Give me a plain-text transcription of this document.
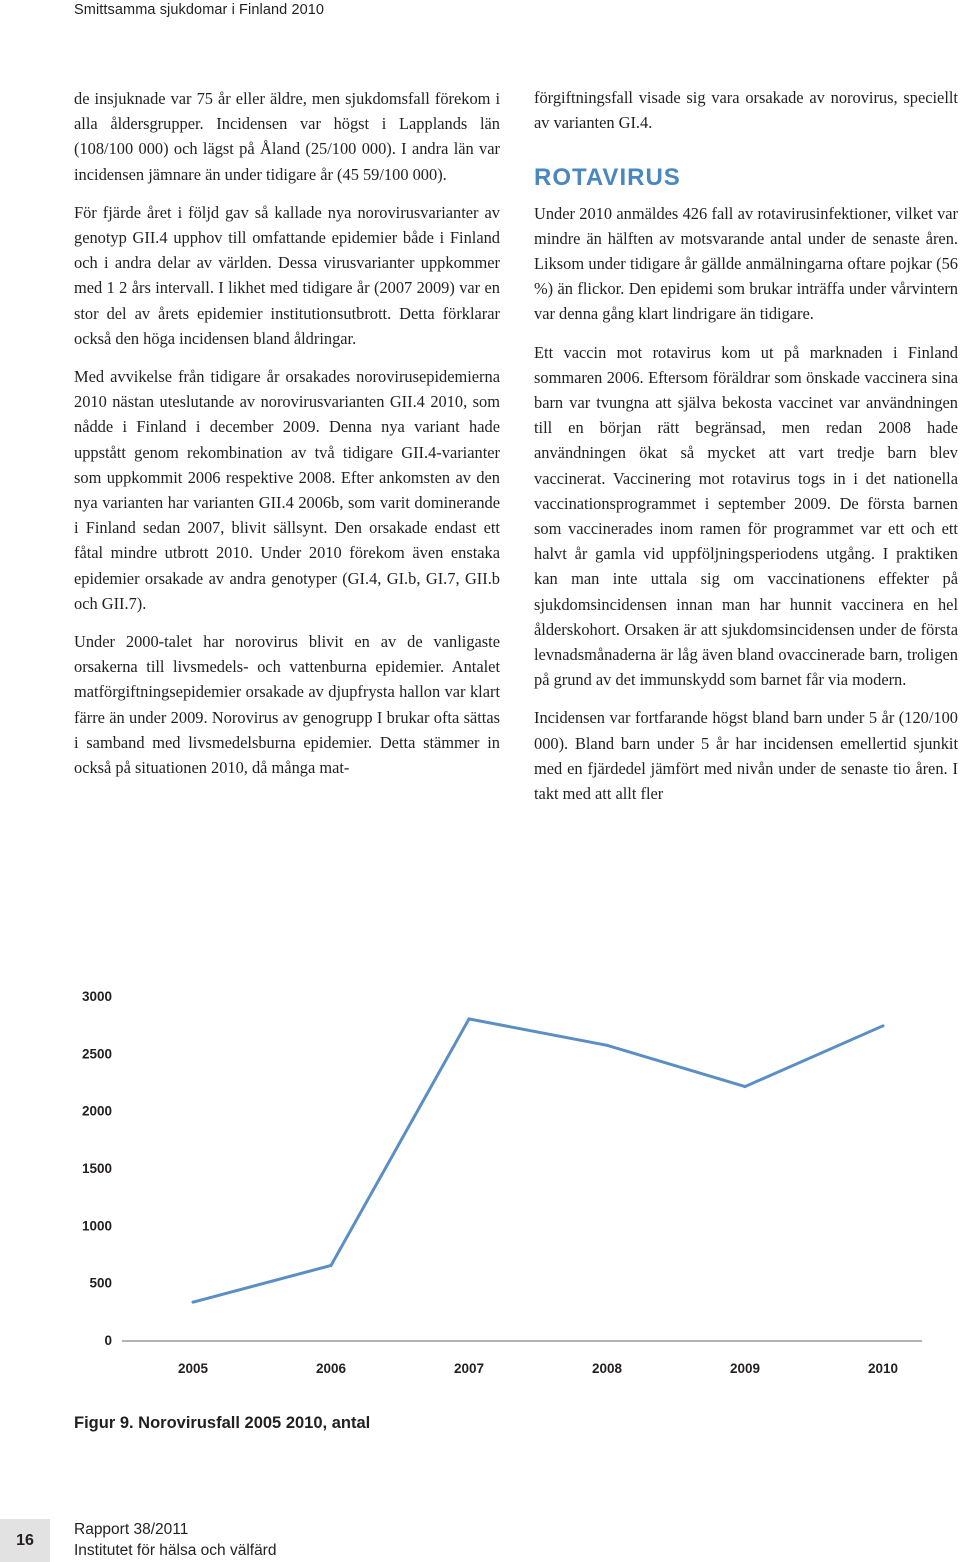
Smittsamma sjukdomar i Finland 2010

de insjuknade var 75 år eller äldre, men sjukdomsfall förekom i alla åldersgrupper. Incidensen var högst i Lapplands län (108/100 000) och lägst på Åland (25/100 000). I andra län var incidensen jämnare än under tidigare år (45 59/100 000).

För fjärde året i följd gav så kallade nya norovirusvarianter av genotyp GII.4 upphov till omfattande epidemier både i Finland och i andra delar av världen. Dessa virusvarianter uppkommer med 1 2 års intervall. I likhet med tidigare år (2007 2009) var en stor del av årets epidemier institutionsutbrott. Detta förklarar också den höga incidensen bland åldringar.

Med avvikelse från tidigare år orsakades norovirusepidemierna 2010 nästan uteslutande av norovirusvarianten GII.4 2010, som nådde i Finland i december 2009. Denna nya variant hade uppstått genom rekombination av två tidigare GII.4-varianter som uppkommit 2006 respektive 2008. Efter ankomsten av den nya varianten har varianten GII.4 2006b, som varit dominerande i Finland sedan 2007, blivit sällsynt. Den orsakade endast ett fåtal mindre utbrott 2010. Under 2010 förekom även enstaka epidemier orsakade av andra genotyper (GI.4, GI.b, GI.7, GII.b och GII.7).

Under 2000-talet har norovirus blivit en av de vanligaste orsakerna till livsmedels- och vattenburna epidemier. Antalet matförgiftningsepidemier orsakade av djupfrysta hallon var klart färre än under 2009. Norovirus av genogrupp I brukar ofta sättas i samband med livsmedelsburna epidemier. Detta stämmer in också på situationen 2010, då många mat-

förgiftningsfall visade sig vara orsakade av norovirus, speciellt av varianten GI.4.

ROTAVIRUS

Under 2010 anmäldes 426 fall av rotavirusinfektioner, vilket var mindre än hälften av motsvarande antal under de senaste åren. Liksom under tidigare år gällde anmälningarna oftare pojkar (56 %) än flickor. Den epidemi som brukar inträffa under vårvintern var denna gång klart lindrigare än tidigare.

Ett vaccin mot rotavirus kom ut på marknaden i Finland sommaren 2006. Eftersom föräldrar som önskade vaccinera sina barn var tvungna att själva bekosta vaccinet var användningen till en början rätt begränsad, men redan 2008 hade användningen ökat så mycket att vart tredje barn blev vaccinerat. Vaccinering mot rotavirus togs in i det nationella vaccinationsprogrammet i september 2009. De första barnen som vaccinerades inom ramen för programmet var ett och ett halvt år gamla vid uppföljningsperiodens utgång. I praktiken kan man inte uttala sig om vaccinationens effekter på sjukdomsincidensen innan man har hunnit vaccinera en hel ålderskohort. Orsaken är att sjukdomsincidensen under de första levnadsmånaderna är låg även bland ovaccinerade barn, troligen på grund av det immunskydd som barnet får via modern.

Incidensen var fortfarande högst bland barn under 5 år (120/100 000). Bland barn under 5 år har incidensen emellertid sjunkit med en fjärdedel jämfört med nivån under de senaste tio åren. I takt med att allt fler

0
500
1000
1500
2000
2500
3000
2005	2006	2007	2008	2009	2010
Figur 9. Norovirusfall 2005 2010, antal
16
Rapport 38/2011
Institutet för hälsa och välfärd
